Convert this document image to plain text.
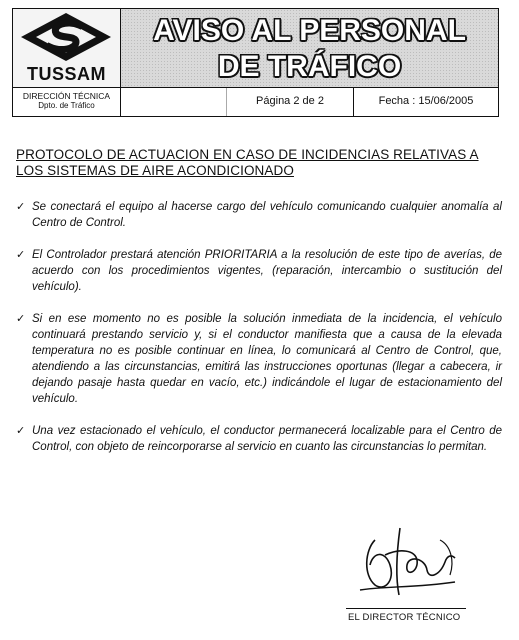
TUSSAM
AVISO AL PERSONAL
DE TRÁFICO
DIRECCIÓN TÉCNICA
Dpto. de Tráfico	Página 2 de 2	Fecha : 15/06/2005
PROTOCOLO DE ACTUACION EN CASO DE INCIDENCIAS RELATIVAS A LOS SISTEMAS DE AIRE ACONDICIONADO
✓ Se conectará el equipo al hacerse cargo del vehículo comunicando cualquier anomalía al Centro de Control.
✓ El Controlador prestará atención PRIORITARIA a la resolución de este tipo de averías, de acuerdo con los procedimientos vigentes, (reparación, intercambio o sustitución del vehículo).
✓ Si en ese momento no es posible la solución inmediata de la incidencia, el vehículo continuará prestando servicio y, si el conductor manifiesta que a causa de la elevada temperatura no es posible continuar en línea, lo comunicará al Centro de Control, que, atendiendo a las circunstancias, emitirá las instrucciones oportunas (llegar a cabecera, ir dejando pasaje hasta quedar en vacío, etc.) indicándole el lugar de estacionamiento del vehículo.
✓ Una vez estacionado el vehículo, el conductor permanecerá localizable para el Centro de Control, con objeto de reincorporarse al servicio en cuanto las circunstancias lo permitan.
EL DIRECTOR TÉCNICO
